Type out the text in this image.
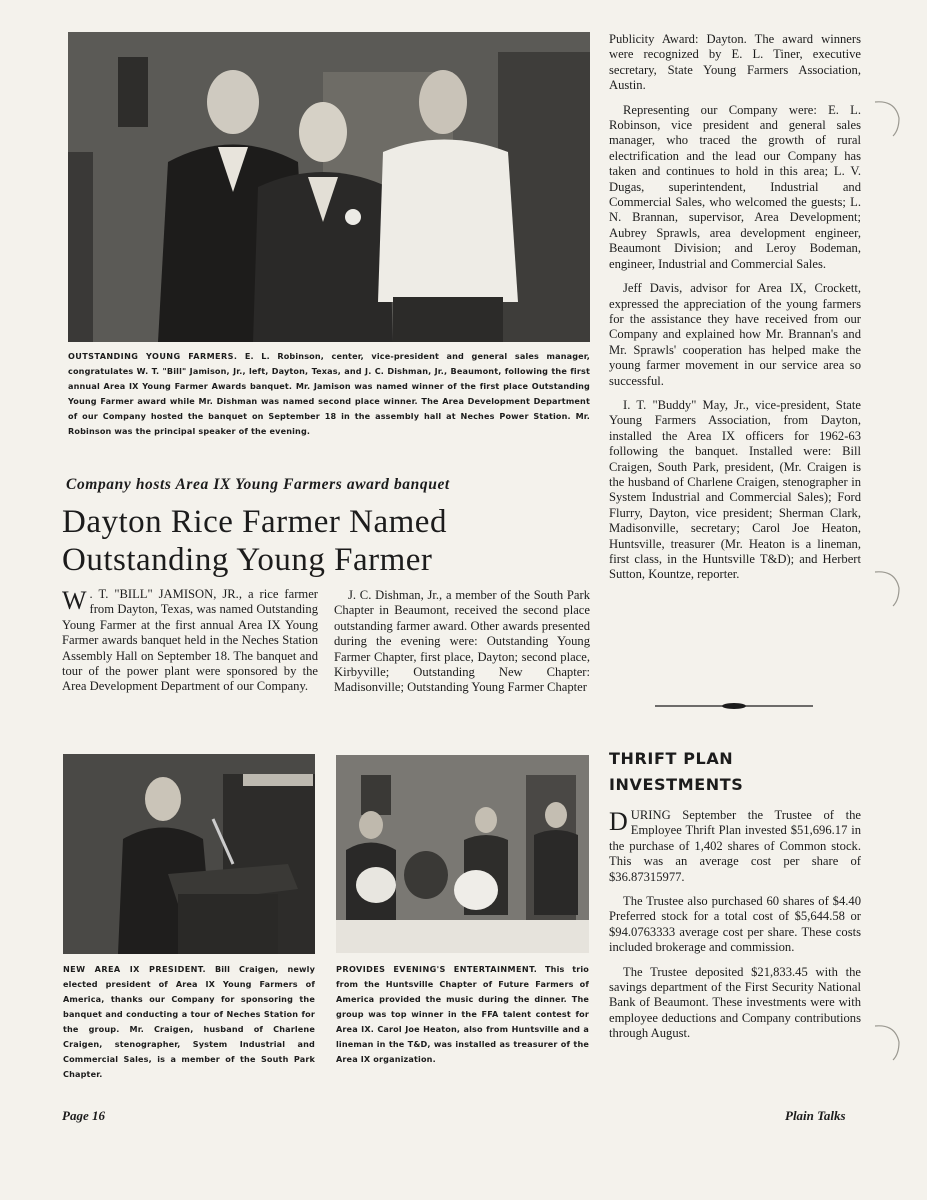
OUTSTANDING YOUNG FARMERS. E. L. Robinson, center, vice-president and general sales manager, congratulates W. T. "Bill" Jamison, Jr., left, Dayton, Texas, and J. C. Dishman, Jr., Beaumont, following the first annual Area IX Young Farmer Awards banquet. Mr. Jamison was named winner of the first place Outstanding Young Farmer award while Mr. Dishman was named second place winner. The Area Development Department of our Company hosted the banquet on September 18 in the assembly hall at Neches Power Station. Mr. Robinson was the principal speaker of the evening.
Company hosts Area IX Young Farmers award banquet
Dayton Rice Farmer Named
Outstanding Young Farmer

W . T. "BILL" JAMISON, JR., a rice farmer from Dayton, Texas, was named Outstanding Young Farmer at the first annual Area IX Young Farmer awards banquet held in the Neches Station Assembly Hall on September 18. The banquet and tour of the power plant were sponsored by the Area Development Department of our Company.

J. C. Dishman, Jr., a member of the South Park Chapter in Beaumont, received the second place outstanding farmer award. Other awards presented during the evening were: Outstanding Young Farmer Chapter, first place, Dayton; second place, Kirbyville; Outstanding New Chapter: Madisonville; Outstanding Young Farmer Chapter

Publicity Award: Dayton. The award winners were recognized by E. L. Tiner, executive secretary, State Young Farmers Association, Austin.

Representing our Company were: E. L. Robinson, vice president and general sales manager, who traced the growth of rural electrification and the lead our Company has taken and continues to hold in this area; L. V. Dugas, superintendent, Industrial and Commercial Sales, who welcomed the guests; L. N. Brannan, supervisor, Area Development; Aubrey Sprawls, area development engineer, Beaumont Division; and Leroy Bodeman, engineer, Industrial and Commercial Sales.

Jeff Davis, advisor for Area IX, Crockett, expressed the appreciation of the young farmers for the assistance they have received from our Company and explained how Mr. Brannan's and Mr. Sprawls' cooperation has helped make the young farmer movement in our service area so successful.

I. T. "Buddy" May, Jr., vice-president, State Young Farmers Association, from Dayton, installed the Area IX officers for 1962-63 following the banquet. Installed were: Bill Craigen, South Park, president, (Mr. Craigen is the husband of Charlene Craigen, stenographer in System Industrial and Commercial Sales); Ford Flurry, Dayton, vice president; Sherman Clark, Madisonville, secretary; Carol Joe Heaton, Huntsville, treasurer (Mr. Heaton is a lineman, first class, in the Huntsville T&D); and Herbert Sutton, Kountze, reporter.

NEW AREA IX PRESIDENT. Bill Craigen, newly elected president of Area IX Young Farmers of America, thanks our Company for sponsoring the banquet and conducting a tour of Neches Station for the group. Mr. Craigen, husband of Charlene Craigen, stenographer, System Industrial and Commercial Sales, is a member of the South Park Chapter.
PROVIDES EVENING'S ENTERTAINMENT. This trio from the Huntsville Chapter of Future Farmers of America provided the music during the dinner. The group was top winner in the FFA talent contest for Area IX. Carol Joe Heaton, also from Huntsville and a lineman in the T&D, was installed as treasurer of the Area IX organization.
THRIFT PLAN
INVESTMENTS

DURING September the Trustee of the Employee Thrift Plan invested $51,696.17 in the purchase of 1,402 shares of Common stock. This was an average cost per share of $36.87315977.

The Trustee also purchased 60 shares of $4.40 Preferred stock for a total cost of $5,644.58 or $94.0763333 average cost per share. These costs included brokerage and commission.

The Trustee deposited $21,833.45 with the savings department of the First Security National Bank of Beaumont. These investments were with employee deductions and Company contributions through August.

Page 16	Plain Talks
